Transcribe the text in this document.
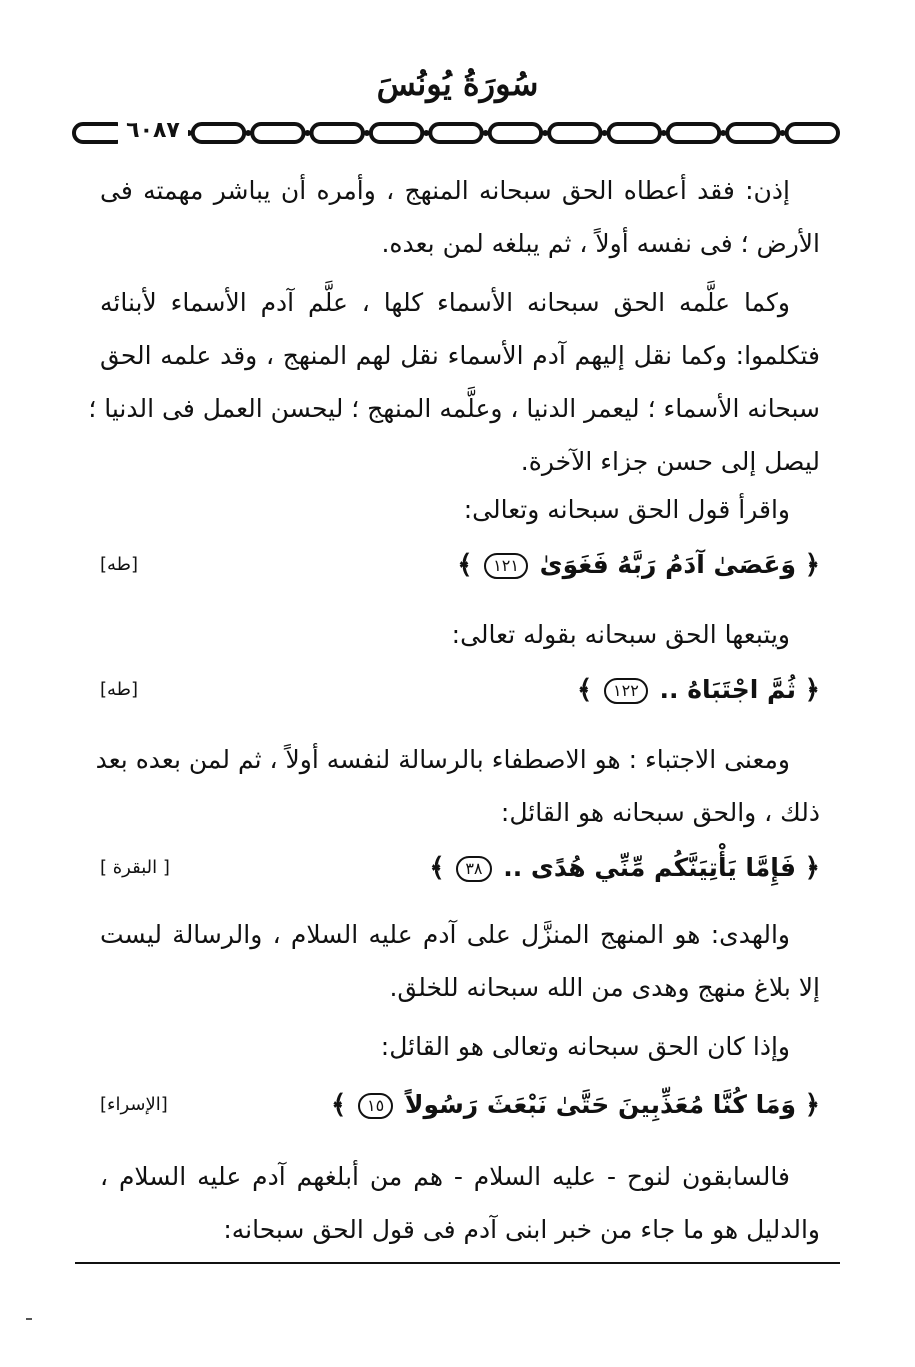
سُورَةُ يُونُسَ
٦٠٨٧
إذن: فقد أعطاه الحق سبحانه المنهج ، وأمره أن يباشر مهمته فى
الأرض ؛ فى نفسه أولاً ، ثم يبلغه لمن بعده.
وكما علَّمه الحق سبحانه الأسماء كلها ، علَّم آدم الأسماء لأبنائه
فتكلموا: وكما نقل إليهم آدم الأسماء نقل لهم المنهج ، وقد علمه الحق
سبحانه الأسماء ؛ ليعمر الدنيا ، وعلَّمه المنهج ؛ ليحسن العمل فى الدنيا ؛
ليصل إلى حسن جزاء الآخرة.
واقرأ قول الحق سبحانه وتعالى:
﴿ وَعَصَىٰ آدَمُ رَبَّهُ فَغَوَىٰ ١٢١ ﴾
[طه]
ويتبعها الحق سبحانه بقوله تعالى:
﴿ ثُمَّ اجْتَبَاهُ .. ١٢٢ ﴾
[طه]
ومعنى الاجتباء : هو الاصطفاء بالرسالة لنفسه أولاً ، ثم لمن بعده بعد
ذلك ، والحق سبحانه هو القائل:
﴿ فَإِمَّا يَأْتِيَنَّكُم مِّنِّي هُدًى .. ٣٨ ﴾
[ البقرة ]
والهدى: هو المنهج المنزَّل على آدم عليه السلام ، والرسالة ليست
إلا بلاغ منهج وهدى من الله سبحانه للخلق.
وإذا كان الحق سبحانه وتعالى هو القائل:
﴿ وَمَا كُنَّا مُعَذِّبِينَ حَتَّىٰ نَبْعَثَ رَسُولاً ١٥ ﴾
[الإسراء]
فالسابقون لنوح - عليه السلام - هم من أبلغهم آدم عليه السلام ،
والدليل هو ما جاء من خبر ابنى آدم فى قول الحق سبحانه:
